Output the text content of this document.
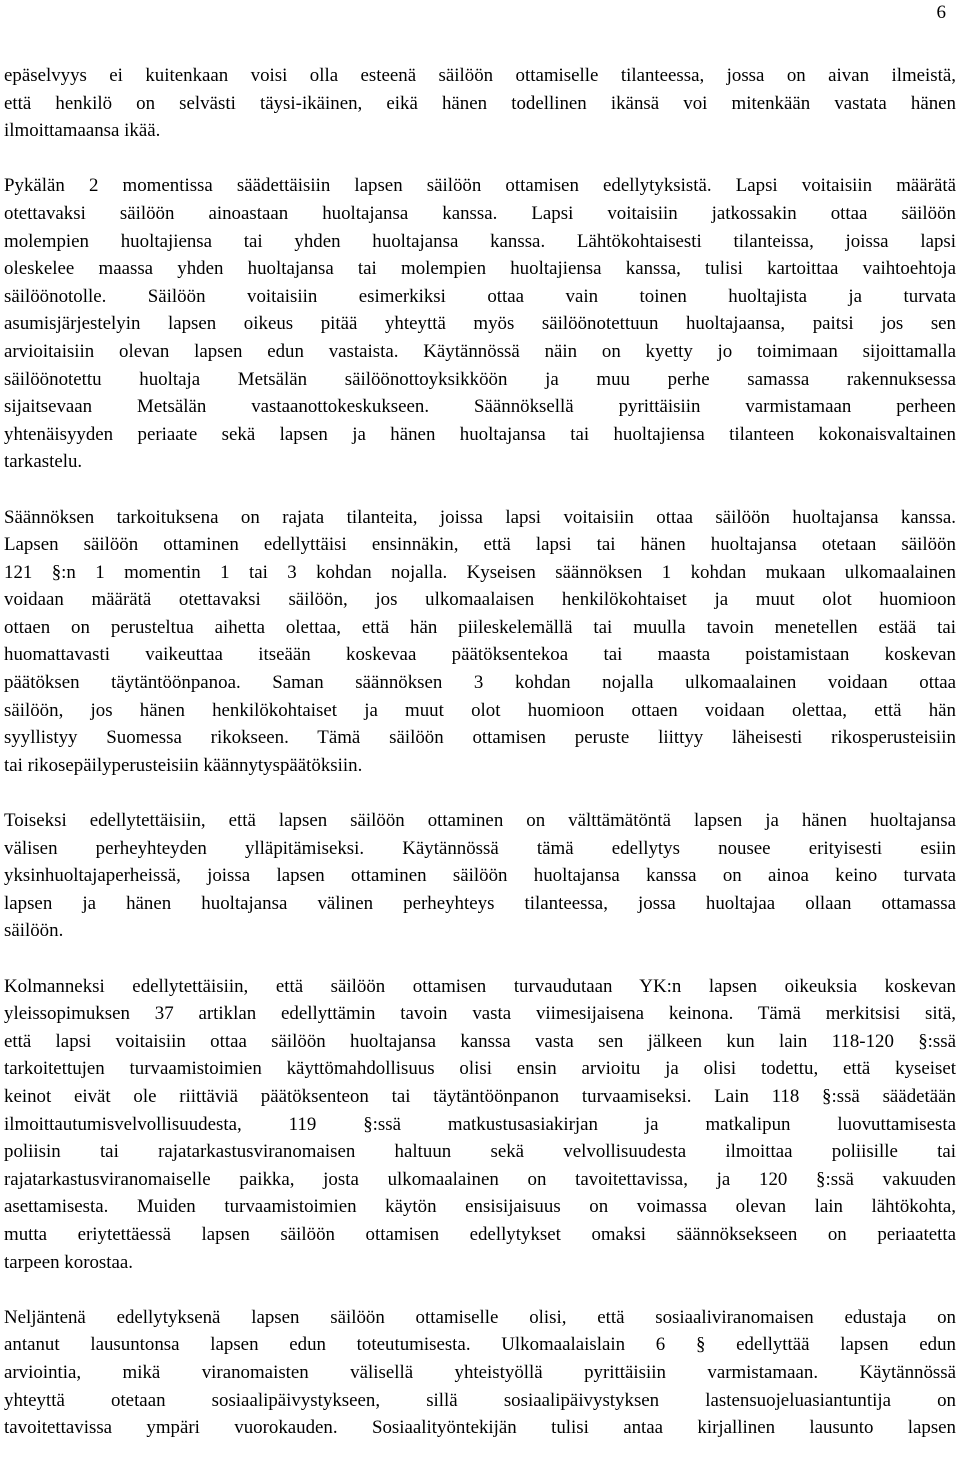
6
epäselvyys ei kuitenkaan voisi olla esteenä säilöön ottamiselle tilanteessa, jossa on aivan ilmeistä,
että henkilö on selvästi täysi-ikäinen, eikä hänen todellinen ikänsä voi mitenkään vastata hänen
ilmoittamaansa ikää.
Pykälän 2 momentissa säädettäisiin lapsen säilöön ottamisen edellytyksistä. Lapsi voitaisiin määrätä
otettavaksi säilöön ainoastaan huoltajansa kanssa. Lapsi voitaisiin jatkossakin ottaa säilöön
molempien huoltajiensa tai yhden huoltajansa kanssa. Lähtökohtaisesti tilanteissa, joissa lapsi
oleskelee maassa yhden huoltajansa tai molempien huoltajiensa kanssa, tulisi kartoittaa vaihtoehtoja
säilöönotolle. Säilöön voitaisiin esimerkiksi ottaa vain toinen huoltajista ja turvata
asumisjärjestelyin lapsen oikeus pitää yhteyttä myös säilöönotettuun huoltajaansa, paitsi jos sen
arvioitaisiin olevan lapsen edun vastaista. Käytännössä näin on kyetty jo toimimaan sijoittamalla
säilöönotettu huoltaja Metsälän säilöönottoyksikköön ja muu perhe samassa rakennuksessa
sijaitsevaan Metsälän vastaanottokeskukseen. Säännöksellä pyrittäisiin varmistamaan perheen
yhtenäisyyden periaate sekä lapsen ja hänen huoltajansa tai huoltajiensa tilanteen kokonaisvaltainen
tarkastelu.
Säännöksen tarkoituksena on rajata tilanteita, joissa lapsi voitaisiin ottaa säilöön huoltajansa kanssa.
Lapsen säilöön ottaminen edellyttäisi ensinnäkin, että lapsi tai hänen huoltajansa otetaan säilöön
121 §:n 1 momentin 1 tai 3 kohdan nojalla. Kyseisen säännöksen 1 kohdan mukaan ulkomaalainen
voidaan määrätä otettavaksi säilöön, jos ulkomaalaisen henkilökohtaiset ja muut olot huomioon
ottaen on perusteltua aihetta olettaa, että hän piileskelemällä tai muulla tavoin menetellen estää tai
huomattavasti vaikeuttaa itseään koskevaa päätöksentekoa tai maasta poistamistaan koskevan
päätöksen täytäntöönpanoa. Saman säännöksen 3 kohdan nojalla ulkomaalainen voidaan ottaa
säilöön, jos hänen henkilökohtaiset ja muut olot huomioon ottaen voidaan olettaa, että hän
syyllistyy Suomessa rikokseen. Tämä säilöön ottamisen peruste liittyy läheisesti rikosperusteisiin
tai rikosepäilyperusteisiin käännytyspäätöksiin.
Toiseksi edellytettäisiin, että lapsen säilöön ottaminen on välttämätöntä lapsen ja hänen huoltajansa
välisen perheyhteyden ylläpitämiseksi. Käytännössä tämä edellytys nousee erityisesti esiin
yksinhuoltajaperheissä, joissa lapsen ottaminen säilöön huoltajansa kanssa on ainoa keino turvata
lapsen ja hänen huoltajansa välinen perheyhteys tilanteessa, jossa huoltajaa ollaan ottamassa
säilöön.
Kolmanneksi edellytettäisiin, että säilöön ottamisen turvaudutaan YK:n lapsen oikeuksia koskevan
yleissopimuksen 37 artiklan edellyttämin tavoin vasta viimesijaisena keinona. Tämä merkitsisi sitä,
että lapsi voitaisiin ottaa säilöön huoltajansa kanssa vasta sen jälkeen kun lain 118-120 §:ssä
tarkoitettujen turvaamistoimien käyttömahdollisuus olisi ensin arvioitu ja olisi todettu, että kyseiset
keinot eivät ole riittäviä päätöksenteon tai täytäntöönpanon turvaamiseksi. Lain 118 §:ssä säädetään
ilmoittautumisvelvollisuudesta, 119 §:ssä matkustusasiakirjan ja matkalipun luovuttamisesta
poliisin tai rajatarkastusviranomaisen haltuun sekä velvollisuudesta ilmoittaa poliisille tai
rajatarkastusviranomaiselle paikka, josta ulkomaalainen on tavoitettavissa, ja 120 §:ssä vakuuden
asettamisesta. Muiden turvaamistoimien käytön ensisijaisuus on voimassa olevan lain lähtökohta,
mutta eriytettäessä lapsen säilöön ottamisen edellytykset omaksi säännöksekseen on periaatetta
tarpeen korostaa.
Neljäntenä edellytyksenä lapsen säilöön ottamiselle olisi, että sosiaaliviranomaisen edustaja on
antanut lausuntonsa lapsen edun toteutumisesta. Ulkomaalaislain 6 § edellyttää lapsen edun
arviointia, mikä viranomaisten välisellä yhteistyöllä pyrittäisiin varmistamaan. Käytännössä
yhteyttä otetaan sosiaalipäivystykseen, sillä sosiaalipäivystyksen lastensuojeluasiantuntija on
tavoitettavissa ympäri vuorokauden. Sosiaalityöntekijän tulisi antaa kirjallinen lausunto lapsen
